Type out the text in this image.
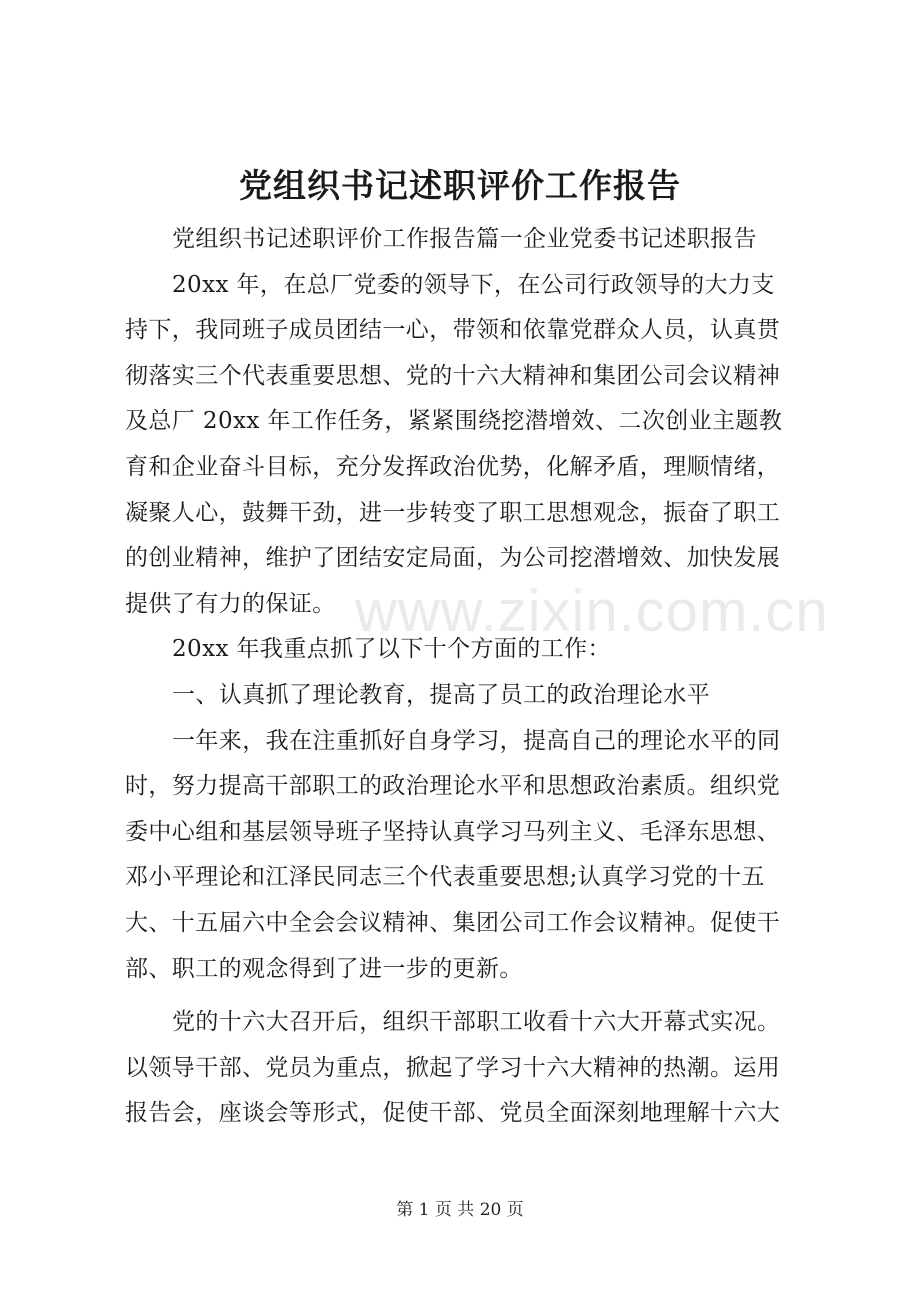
党组织书记述职评价工作报告
党组织书记述职评价工作报告篇一企业党委书记述职报告
20xx 年，在总厂党委的领导下，在公司行政领导的大力支
持下，我同班子成员团结一心，带领和依靠党群众人员，认真贯
彻落实三个代表重要思想、党的十六大精神和集团公司会议精神
及总厂 20xx 年工作任务，紧紧围绕挖潜增效、二次创业主题教
育和企业奋斗目标，充分发挥政治优势，化解矛盾，理顺情绪，
凝聚人心，鼓舞干劲，进一步转变了职工思想观念，振奋了职工
的创业精神，维护了团结安定局面，为公司挖潜增效、加快发展
提供了有力的保证。
20xx 年我重点抓了以下十个方面的工作：
一、认真抓了理论教育，提高了员工的政治理论水平
一年来，我在注重抓好自身学习，提高自己的理论水平的同
时，努力提高干部职工的政治理论水平和思想政治素质。组织党
委中心组和基层领导班子坚持认真学习马列主义、毛泽东思想、
邓小平理论和江泽民同志三个代表重要思想;认真学习党的十五
大、十五届六中全会会议精神、集团公司工作会议精神。促使干
部、职工的观念得到了进一步的更新。
党的十六大召开后，组织干部职工收看十六大开幕式实况。
以领导干部、党员为重点，掀起了学习十六大精神的热潮。运用
报告会，座谈会等形式，促使干部、党员全面深刻地理解十六大
www.zixin.com.cn
第 1 页 共 20 页
